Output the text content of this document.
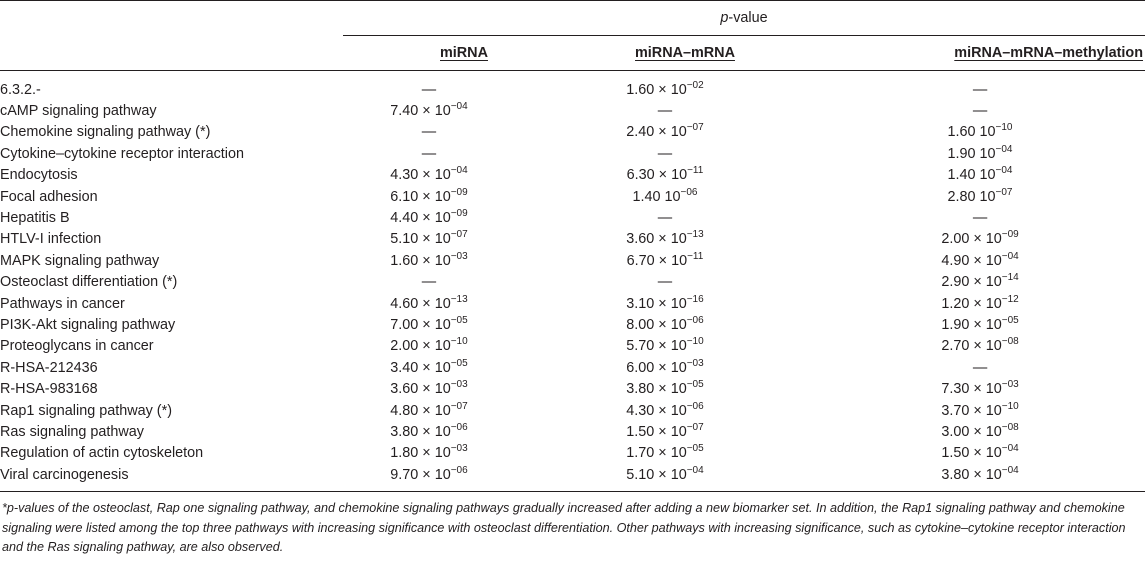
	p-value		
	miRNA	miRNA–mRNA	miRNA–mRNA–methylation

6.3.2.-	—	$1.60 \times 10^{-02}$	—
cAMP signaling pathway	$7.40 \times 10^{-04}$	—	—
Chemokine signaling pathway (*)	—	$2.40 \times 10^{-07}$	1.60 $10^{-10}$
Cytokine–cytokine receptor interaction	—	—	1.90 $10^{-04}$
Endocytosis	$4.30 \times 10^{-04}$	$6.30 \times 10^{-11}$	1.40 $10^{-04}$
Focal adhesion	$6.10 \times 10^{-09}$	1.40 $10^{-06}$	2.80 $10^{-07}$
Hepatitis B	$4.40 \times 10^{-09}$	—	—
HTLV-I infection	$5.10 \times 10^{-07}$	$3.60 \times 10^{-13}$	$2.00 \times 10^{-09}$
MAPK signaling pathway	$1.60 \times 10^{-03}$	$6.70 \times 10^{-11}$	$4.90 \times 10^{-04}$
Osteoclast differentiation (*)	—	—	$2.90 \times 10^{-14}$
Pathways in cancer	$4.60 \times 10^{-13}$	$3.10 \times 10^{-16}$	$1.20 \times 10^{-12}$
PI3K-Akt signaling pathway	$7.00 \times 10^{-05}$	$8.00 \times 10^{-06}$	$1.90 \times 10^{-05}$
Proteoglycans in cancer	$2.00 \times 10^{-10}$	$5.70 \times 10^{-10}$	$2.70 \times 10^{-08}$
R-HSA-212436	$3.40 \times 10^{-05}$	$6.00 \times 10^{-03}$	—
R-HSA-983168	$3.60 \times 10^{-03}$	$3.80 \times 10^{-05}$	$7.30 \times 10^{-03}$
Rap1 signaling pathway (*)	$4.80 \times 10^{-07}$	$4.30 \times 10^{-06}$	$3.70 \times 10^{-10}$
Ras signaling pathway	$3.80 \times 10^{-06}$	$1.50 \times 10^{-07}$	$3.00 \times 10^{-08}$
Regulation of actin cytoskeleton	$1.80 \times 10^{-03}$	$1.70 \times 10^{-05}$	$1.50 \times 10^{-04}$
Viral carcinogenesis	$9.70 \times 10^{-06}$	$5.10 \times 10^{-04}$	$3.80 \times 10^{-04}$

*p-values of the osteoclast, Rap one signaling pathway, and chemokine signaling pathways gradually increased after adding a new biomarker set. In addition, the Rap1 signaling pathway and chemokine signaling were listed among the top three pathways with increasing significance with osteoclast differentiation. Other pathways with increasing significance, such as cytokine–cytokine receptor interaction and the Ras signaling pathway, are also observed.
